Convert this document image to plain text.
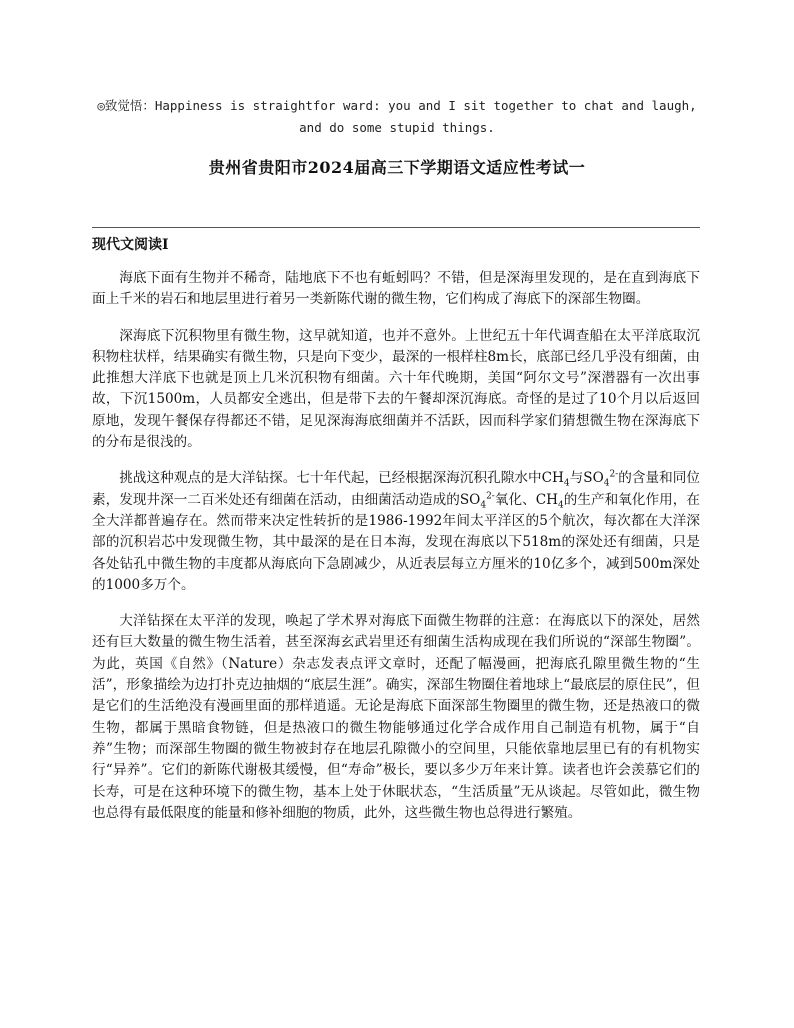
◎致觉悟：Happiness is straightfor ward: you and I sit together to chat and laugh, and do some stupid things.
贵州省贵阳市2024届高三下学期语文适应性考试一
现代文阅读Ⅰ

海底下面有生物并不稀奇，陆地底下不也有蚯蚓吗？不错，但是深海里发现的，是在直到海底下面上千米的岩石和地层里进行着另一类新陈代谢的微生物，它们构成了海底下的深部生物圈。

深海底下沉积物里有微生物，这早就知道，也并不意外。上世纪五十年代调查船在太平洋底取沉积物柱状样，结果确实有微生物，只是向下变少，最深的一根样柱8m长，底部已经几乎没有细菌，由此推想大洋底下也就是顶上几米沉积物有细菌。六十年代晚期，美国“阿尔文号”深潜器有一次出事故，下沉1500m，人员都安全逃出，但是带下去的午餐却深沉海底。奇怪的是过了10个月以后返回原地，发现午餐保存得都还不错，足见深海海底细菌并不活跃，因而科学家们猜想微生物在深海底下的分布是很浅的。

挑战这种观点的是大洋钻探。七十年代起，已经根据深海沉积孔隙水中$CH_4$与$SO_4^{2-}$的含量和同位素，发现井深一二百米处还有细菌在活动，由细菌活动造成的$SO_4^{2-}$氧化、$CH_4$的生产和氧化作用，在全大洋都普遍存在。然而带来决定性转折的是1986-1992年间太平洋区的5个航次，每次都在大洋深部的沉积岩芯中发现微生物，其中最深的是在日本海，发现在海底以下518m的深处还有细菌，只是各处钻孔中微生物的丰度都从海底向下急剧减少，从近表层每立方厘米的10亿多个，减到500m深处的1000多万个。

大洋钻探在太平洋的发现，唤起了学术界对海底下面微生物群的注意：在海底以下的深处，居然还有巨大数量的微生物生活着，甚至深海玄武岩里还有细菌生活构成现在我们所说的“深部生物圈”。为此，英国《自然》（Nature）杂志发表点评文章时，还配了幅漫画，把海底孔隙里微生物的“生活”，形象描绘为边打扑克边抽烟的“底层生涯”。确实，深部生物圈住着地球上“最底层的原住民”，但是它们的生活绝没有漫画里面的那样逍遥。无论是海底下面深部生物圈里的微生物，还是热液口的微生物，都属于黑暗食物链，但是热液口的微生物能够通过化学合成作用自己制造有机物，属于“自养”生物；而深部生物圈的微生物被封存在地层孔隙微小的空间里，只能依靠地层里已有的有机物实行“异养”。它们的新陈代谢极其缓慢，但“寿命”极长，要以多少万年来计算。读者也许会羡慕它们的长寿，可是在这种环境下的微生物，基本上处于休眠状态，“生活质量”无从谈起。尽管如此，微生物也总得有最低限度的能量和修补细胞的物质，此外，这些微生物也总得进行繁殖。
